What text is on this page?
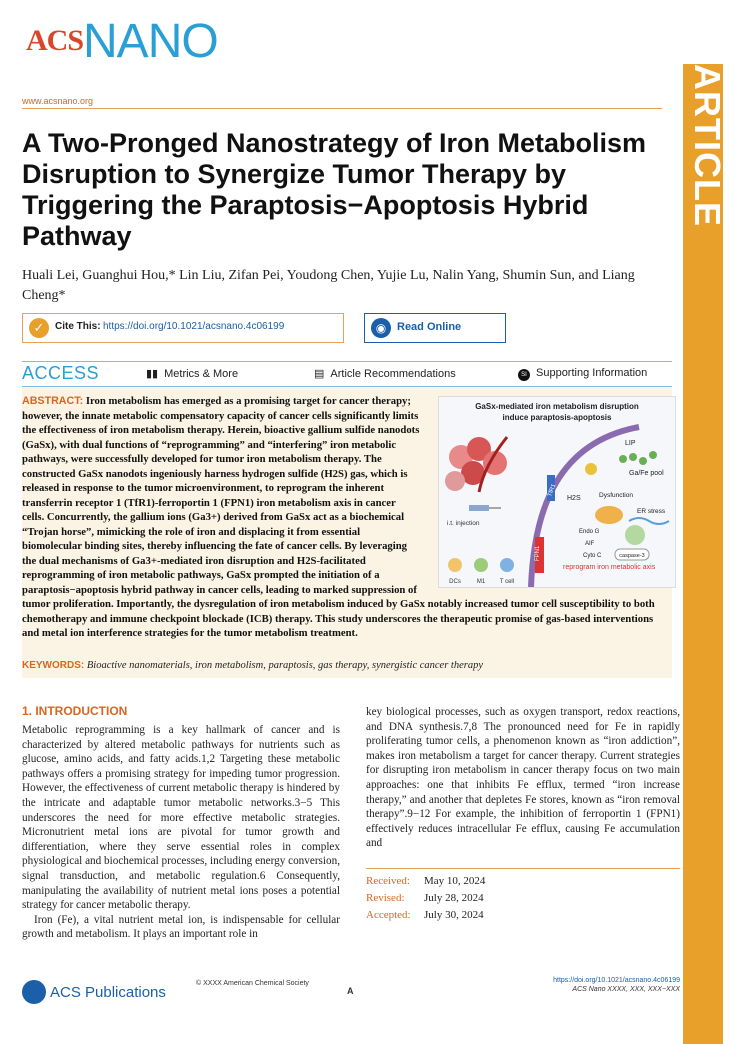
ACSNANO
www.acsnano.org	ARTICLE
A Two-Pronged Nanostrategy of Iron Metabolism Disruption to Synergize Tumor Therapy by Triggering the Paraptosis−Apoptosis Hybrid Pathway
Huali Lei, Guanghui Hou,* Lin Liu, Zifan Pei, Youdong Chen, Yujie Lu, Nalin Yang, Shumin Sun, and Liang Cheng*
✓	Cite This: https://doi.org/10.1021/acsnano.4c06199	◉ Read Online
ACCESS	▮▮ Metrics & More	▤ Article Recommendations	SI Supporting Information
ABSTRACT: Iron metabolism has emerged as a promising target for cancer therapy; however, the innate metabolic compensatory capacity of cancer cells significantly limits the effectiveness of iron metabolism therapy. Herein, bioactive gallium sulfide nanodots (GaSx), with dual functions of “reprogramming” and “interfering” iron metabolic pathways, were successfully developed for tumor iron metabolism therapy. The constructed GaSx nanodots ingeniously harness hydrogen sulfide (H2S) gas, which is released in response to the tumor microenvironment, to reprogram the inherent transferrin receptor 1 (TfR1)-ferroportin 1 (FPN1) iron metabolism axis in cancer cells. Concurrently, the gallium ions (Ga3+) derived from GaSx act as a biochemical “Trojan horse”, mimicking the role of iron and displacing it from essential biomolecular binding sites, thereby influencing the fate of cancer cells. By leveraging the dual mechanisms of Ga3+-mediated iron disruption and H2S-facilitated reprogramming of iron metabolic pathways, GaSx prompted the initiation of a paraptosis−apoptosis hybrid pathway in cancer cells, leading to marked suppression of tumor proliferation. Importantly, the dysregulation of iron metabolism induced by GaSx notably increased tumor cell susceptibility to both chemotherapy and immune checkpoint blockade (ICB) therapy. This study underscores the therapeutic promise of gas-based interventions and metal ion interference strategies for the tumor metabolism treatment.
GaSx-mediated iron metabolism disruption
induce paraptosis-apoptosis
i.t. injection
DCs	M1 T cell
FPN1
TfR1
reprogram iron metabolic axis
H2S
LIP
Ga/Fe pool
Dysfunction
ER stress
Endo G
AIF
Cyto C	caspase-3
KEYWORDS: Bioactive nanomaterials, iron metabolism, paraptosis, gas therapy, synergistic cancer therapy
1. INTRODUCTION

Metabolic reprogramming is a key hallmark of cancer and is characterized by altered metabolic pathways for nutrients such as glucose, amino acids, and fatty acids.1,2 Targeting these metabolic pathways offers a promising strategy for impeding tumor progression. However, the effectiveness of current metabolic therapy is hindered by the intricate and adaptable tumor metabolic networks.3−5 This underscores the need for more effective metabolic strategies. Micronutrient metal ions are pivotal for tumor growth and differentiation, where they serve essential roles in complex physiological and biochemical processes, including energy conversion, signal transduction, and metabolic regulation.6 Consequently, manipulating the availability of nutrient metal ions poses a potential strategy for cancer metabolic therapy.

Iron (Fe), a vital nutrient metal ion, is indispensable for cellular growth and metabolism. It plays an important role in

key biological processes, such as oxygen transport, redox reactions, and DNA synthesis.7,8 The pronounced need for Fe in rapidly proliferating tumor cells, a phenomenon known as “iron addiction”, makes iron metabolism a target for cancer therapy. Current strategies for disrupting iron metabolism in cancer therapy focus on two main approaches: one that inhibits Fe efflux, termed “iron increase therapy,” and another that depletes Fe stores, known as “iron removal therapy”.9−12 For example, the inhibition of ferroportin 1 (FPN1) effectively reduces intracellular Fe efflux, causing Fe accumulation and

Received: May 10, 2024
Revised: July 28, 2024
Accepted: July 30, 2024
ACS Publications	© XXXX American Chemical Society
A
https://doi.org/10.1021/acsnano.4c06199
ACS Nano XXXX, XXX, XXX−XXX
